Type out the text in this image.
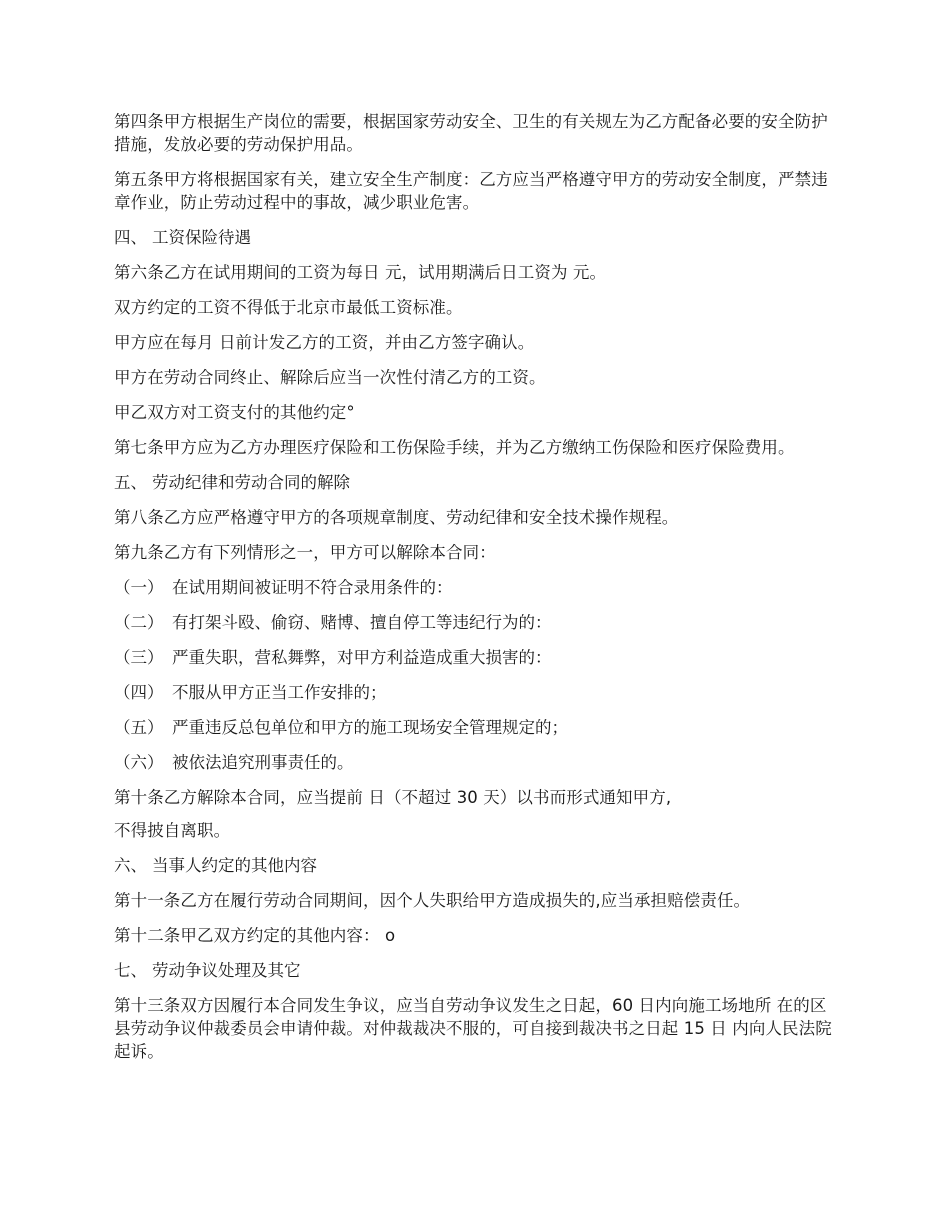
第四条甲方根据生产岗位的需要，根据国家劳动安全、卫生的有关规左为乙方配备必要的安全防护措施，发放必要的劳动保护用品。

第五条甲方将根据国家有关，建立安全生产制度：乙方应当严格遵守甲方的劳动安全制度，严禁违章作业，防止劳动过程中的事故，减少职业危害。

四、 工资保险待遇

第六条乙方在试用期间的工资为每日 元，试用期满后日工资为 元。

双方约定的工资不得低于北京市最低工资标准。

甲方应在每月 日前计发乙方的工资，并由乙方签字确认。

甲方在劳动合同终止、解除后应当一次性付清乙方的工资。

甲乙双方对工资支付的其他约定°

第七条甲方应为乙方办理医疗保险和工伤保险手续，并为乙方缴纳工伤保险和医疗保险费用。

五、 劳动纪律和劳动合同的解除

第八条乙方应严格遵守甲方的各项规章制度、劳动纪律和安全技术操作规程。

第九条乙方有下列情形之一，甲方可以解除本合同：

（一） 在试用期间被证明不符合录用条件的：
（二） 有打架斗殴、偷窃、赌博、擅自停工等违纪行为的：
（三） 严重失职，营私舞弊，对甲方利益造成重大损害的：
（四） 不服从甲方正当工作安排的；
（五） 严重违反总包单位和甲方的施工现场安全管理规定的；
（六） 被依法追究刑事责任的。

第十条乙方解除本合同，应当提前 日（不超过 30 天）以书而形式通知甲方,

不得披自离职。

六、 当事人约定的其他内容

第十一条乙方在履行劳动合同期间，因个人失职给甲方造成损失的,应当承担赔偿责任。

第十二条甲乙双方约定的其他内容： o

七、 劳动争议处理及其它

第十三条双方因履行本合同发生争议，应当自劳动争议发生之日起，60 日内向施工场地所 在的区县劳动争议仲裁委员会申请仲裁。对仲裁裁决不服的，可自接到裁决书之日起 15 日 内向人民法院起诉。
